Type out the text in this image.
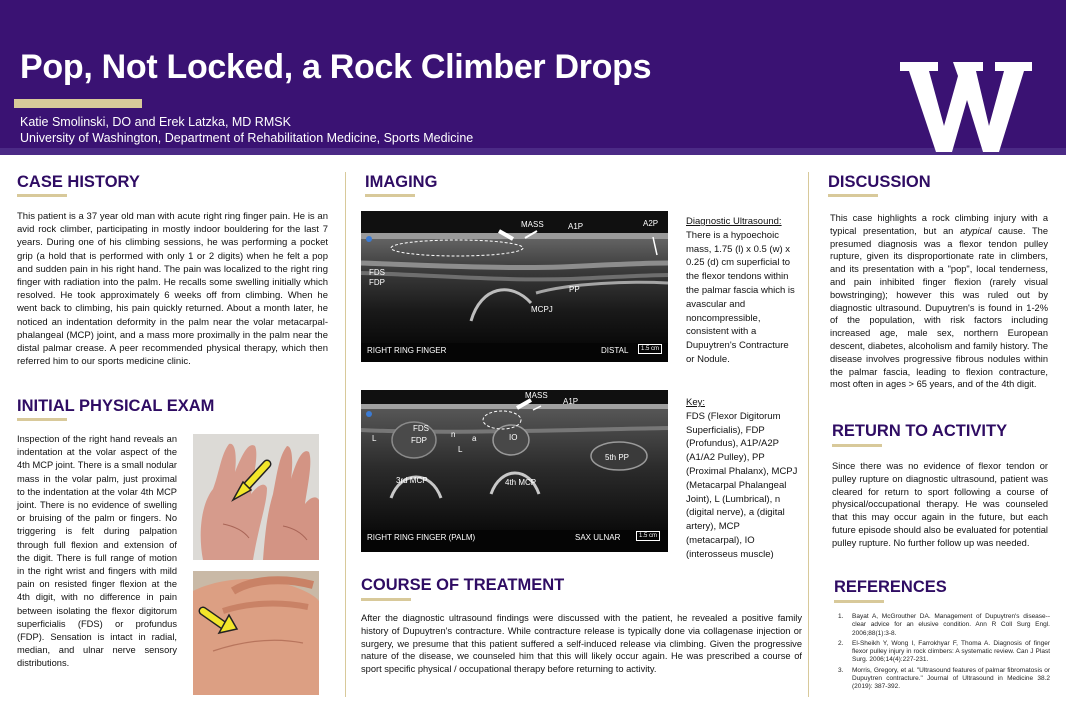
Pop, Not Locked, a Rock Climber Drops
Katie Smolinski, DO and Erek Latzka, MD RMSK
University of Washington, Department of Rehabilitation Medicine, Sports Medicine
CASE HISTORY

This patient is a 37 year old man with acute right ring finger pain. He is an avid rock climber, participating in mostly indoor bouldering for the last 7 years. During one of his climbing sessions, he was performing a pocket grip (a hold that is performed with only 1 or 2 digits) when he felt a pop and sudden pain in his right hand. The pain was localized to the right ring finger with radiation into the palm. He recalls some swelling initially which resolved. He took approximately 6 weeks off from climbing. When he went back to climbing, his pain quickly returned. About a month later, he noticed an indentation deformity in the palm near the volar metacarpal-phalangeal (MCP) joint, and a mass more proximally in the palm near the distal palmar crease. A peer recommended physical therapy, which then referred him to our sports medicine clinic.

INITIAL PHYSICAL EXAM

Inspection of the right hand reveals an indentation at the volar aspect of the 4th MCP joint. There is a small nodular mass in the volar palm, just proximal to the indentation at the volar 4th MCP joint. There is no evidence of swelling or bruising of the palm or fingers. No triggering is felt during palpation through full flexion and extension of the digit. There is full range of motion in the right wrist and fingers with mild pain on resisted finger flexion at the 4th digit, with no difference in pain between isolating the flexor digitorum superficialis (FDS) or profundus (FDP). Sensation is intact in radial, median, and ulnar nerve sensory distributions.

IMAGING
MASS	A1P	A2P
FDS
FDP
PP
MCPJ
RIGHT RING FINGER	DISTAL	1.5 cm
Diagnostic Ultrasound:
There is a hypoechoic mass, 1.75 (l) x 0.5 (w) x 0.25 (d) cm superficial to the flexor tendons within the palmar fascia which is avascular and noncompressible, consistent with a Dupuytren's Contracture or Nodule.
MASS
A1P
FDS
FDP
L	n a
L
IO
5th PP
3rd MCP	4th MCP
RIGHT RING FINGER (PALM)	SAX ULNAR	1.5 cm
Key:
FDS (Flexor Digitorum Superficialis), FDP (Profundus), A1P/A2P (A1/A2 Pulley), PP (Proximal Phalanx), MCPJ (Metacarpal Phalangeal Joint), L (Lumbrical), n (digital nerve), a (digital artery), MCP (metacarpal), IO (interosseus muscle)
COURSE OF TREATMENT

After the diagnostic ultrasound findings were discussed with the patient, he revealed a positive family history of Dupuytren's contracture. While contracture release is typically done via collagenase injection or surgery, we presume that this patient suffered a self-induced release via climbing. Given the progressive nature of the disease, we counseled him that this will likely occur again. He was prescribed a course of sport specific physical / occupational therapy before returning to activity.

DISCUSSION

This case highlights a rock climbing injury with a typical presentation, but an atypical cause. The presumed diagnosis was a flexor tendon pulley rupture, given its disproportionate rate in climbers, and its presentation with a "pop", local tenderness, and pain inhibited finger flexion (rarely visual bowstringing); however this was ruled out by diagnostic ultrasound. Dupuytren's is found in 1-2% of the population, with risk factors including increased age, male sex, northern European descent, diabetes, alcoholism and family history. The disease involves progressive fibrous nodules within the palmar fascia, leading to flexion contracture, most often in ages > 65 years, and of the 4th digit.

RETURN TO ACTIVITY

Since there was no evidence of flexor tendon or pulley rupture on diagnostic ultrasound, patient was cleared for return to sport following a course of physical/occupational therapy. He was counseled that this may occur again in the future, but each future episode should also be evaluated for potential pulley rupture. No further follow up was needed.

REFERENCES
1. Bayat A, McGrouther DA. Management of Dupuytren's disease--clear advice for an elusive condition. Ann R Coll Surg Engl. 2006;88(1):3-8.
2. El-Sheikh Y, Wong I, Farrokhyar F, Thoma A. Diagnosis of finger flexor pulley injury in rock climbers: A systematic review. Can J Plast Surg. 2006;14(4):227-231.
3. Morris, Gregory, et al. "Ultrasound features of palmar fibromatosis or Dupuytren contracture." Journal of Ultrasound in Medicine 38.2 (2019): 387-392.
